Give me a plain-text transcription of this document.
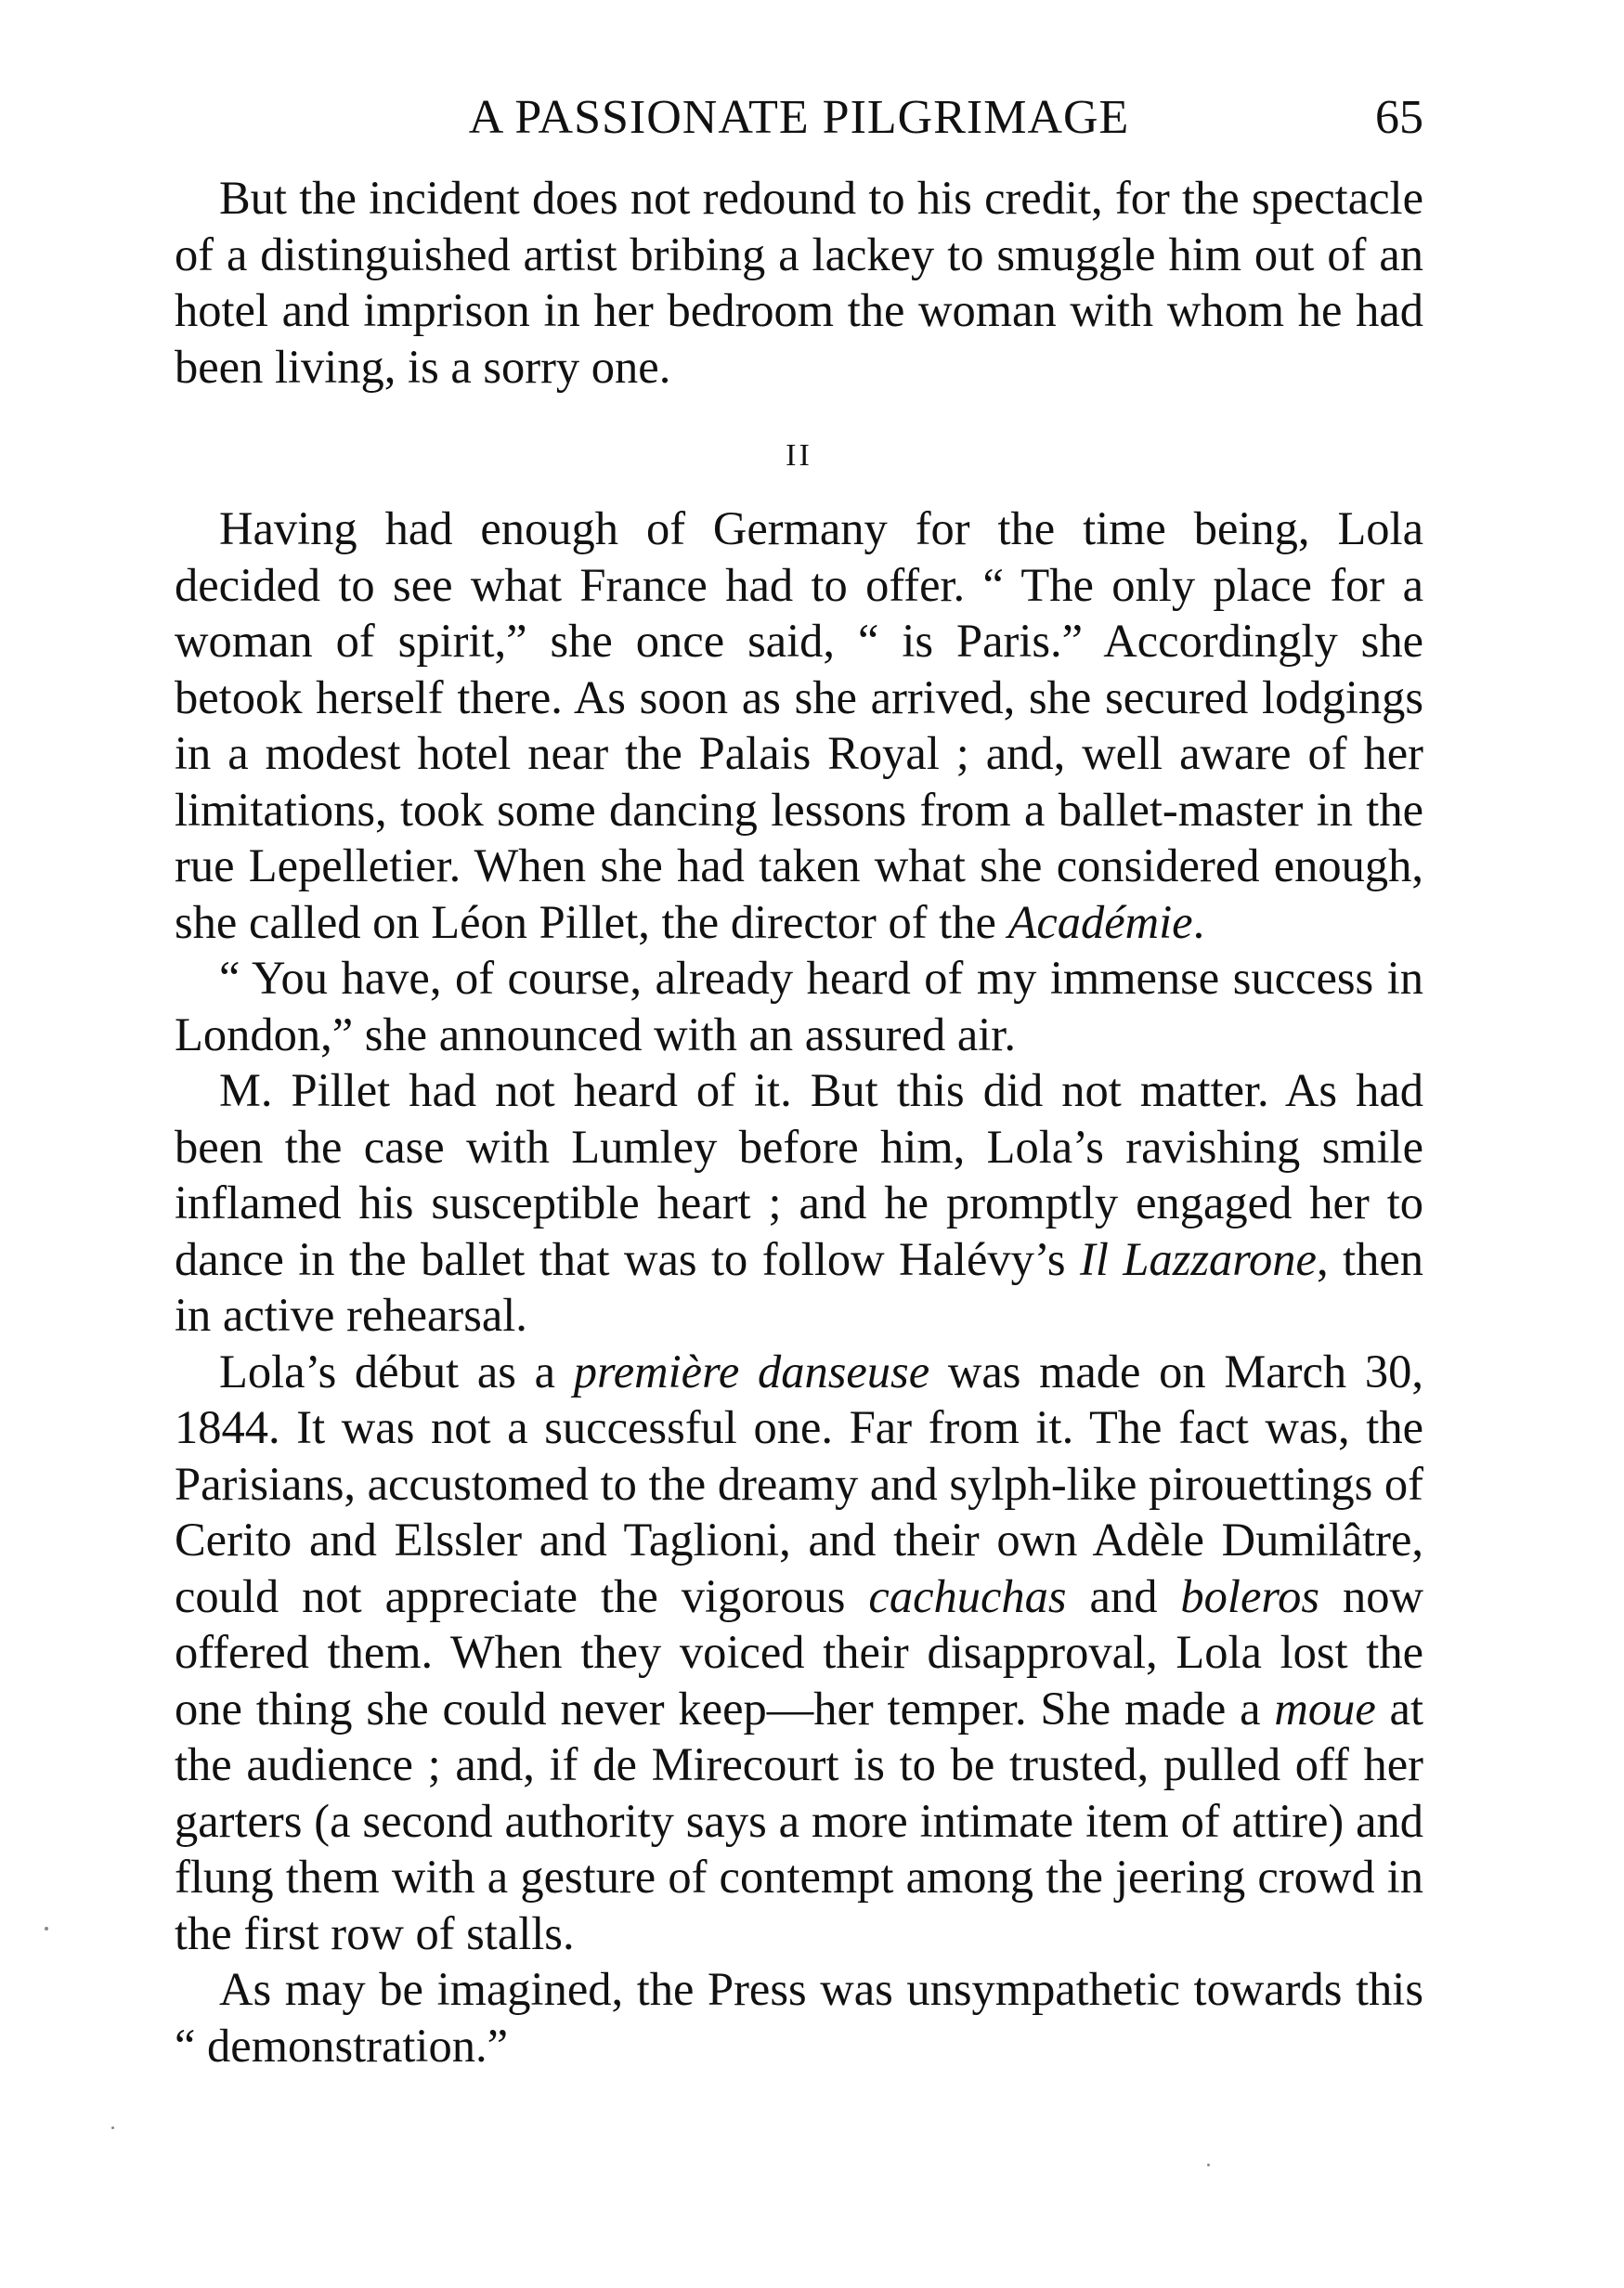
A PASSIONATE PILGRIMAGE	65

But the incident does not redound to his credit, for the spectacle of a distinguished artist bribing a lackey to smuggle him out of an hotel and imprison in her bedroom the woman with whom he had been living, is a sorry one.

II

Having had enough of Germany for the time being, Lola decided to see what France had to offer. “ The only place for a woman of spirit,” she once said, “ is Paris.” Accordingly she betook herself there. As soon as she arrived, she secured lodgings in a modest hotel near the Palais Royal ; and, well aware of her limitations, took some dancing lessons from a ballet-master in the rue Lepelletier. When she had taken what she considered enough, she called on Léon Pillet, the director of the Académie.

“ You have, of course, already heard of my immense success in London,” she announced with an assured air.

M. Pillet had not heard of it. But this did not matter. As had been the case with Lumley before him, Lola’s ravishing smile inflamed his susceptible heart ; and he promptly engaged her to dance in the ballet that was to follow Halévy’s Il Lazzarone, then in active rehearsal.

Lola’s début as a première danseuse was made on March 30, 1844. It was not a successful one. Far from it. The fact was, the Parisians, accustomed to the dreamy and sylph-like pirouettings of Cerito and Elssler and Taglioni, and their own Adèle Dumilâtre, could not appreciate the vigorous cachuchas and boleros now offered them. When they voiced their disapproval, Lola lost the one thing she could never keep—her temper. She made a moue at the audience ; and, if de Mirecourt is to be trusted, pulled off her garters (a second authority says a more intimate item of attire) and flung them with a gesture of contempt among the jeering crowd in the first row of stalls.

As may be imagined, the Press was unsympathetic towards this “ demonstration.”
